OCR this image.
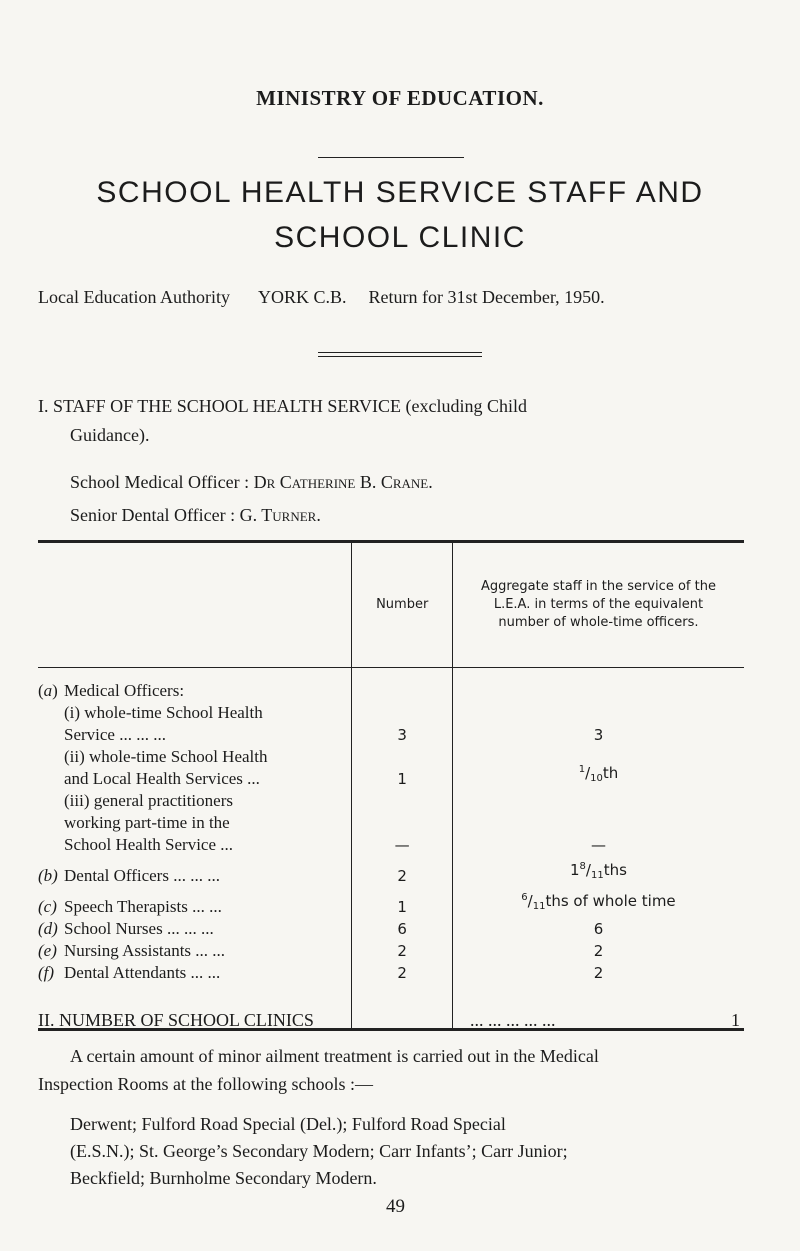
MINISTRY OF EDUCATION.
SCHOOL HEALTH SERVICE STAFF AND
SCHOOL CLINIC
Local Education Authority YORK C.B. Return for 31st December, 1950.
I. STAFF OF THE SCHOOL HEALTH SERVICE (excluding Child
Guidance).
School Medical Officer : Dr Catherine B. Crane.
Senior Dental Officer : G. Turner.
	Number	Aggregate staff in the service of the L.E.A. in terms of the equivalent number of whole-time officers.

(a) Medical Officers:		

(i) whole-time School Health
Service ... ... ...	3	3

(ii) whole-time School Health
and Local Health Services ...	1	$^1/_{10}th$

(iii) general practitioners
working part-time in the
School Health Service ...	—	—

(b) Dental Officers ... ... ...	2	$1^8/_{11}ths$

(c) Speech Therapists ... ...	1	$^6/_{11}ths$ of whole time

(d) School Nurses ... ... ...	6	6

(e) Nursing Assistants ... ...	2	2

(f) Dental Attendants ... ...	2	2
II. NUMBER OF SCHOOL CLINICS	... ... ... ... ...	1
A certain amount of minor ailment treatment is carried out in the Medical
Inspection Rooms at the following schools :—
Derwent; Fulford Road Special (Del.); Fulford Road Special
(E.S.N.); St. George’s Secondary Modern; Carr Infants’; Carr Junior;
Beckfield; Burnholme Secondary Modern.
49
